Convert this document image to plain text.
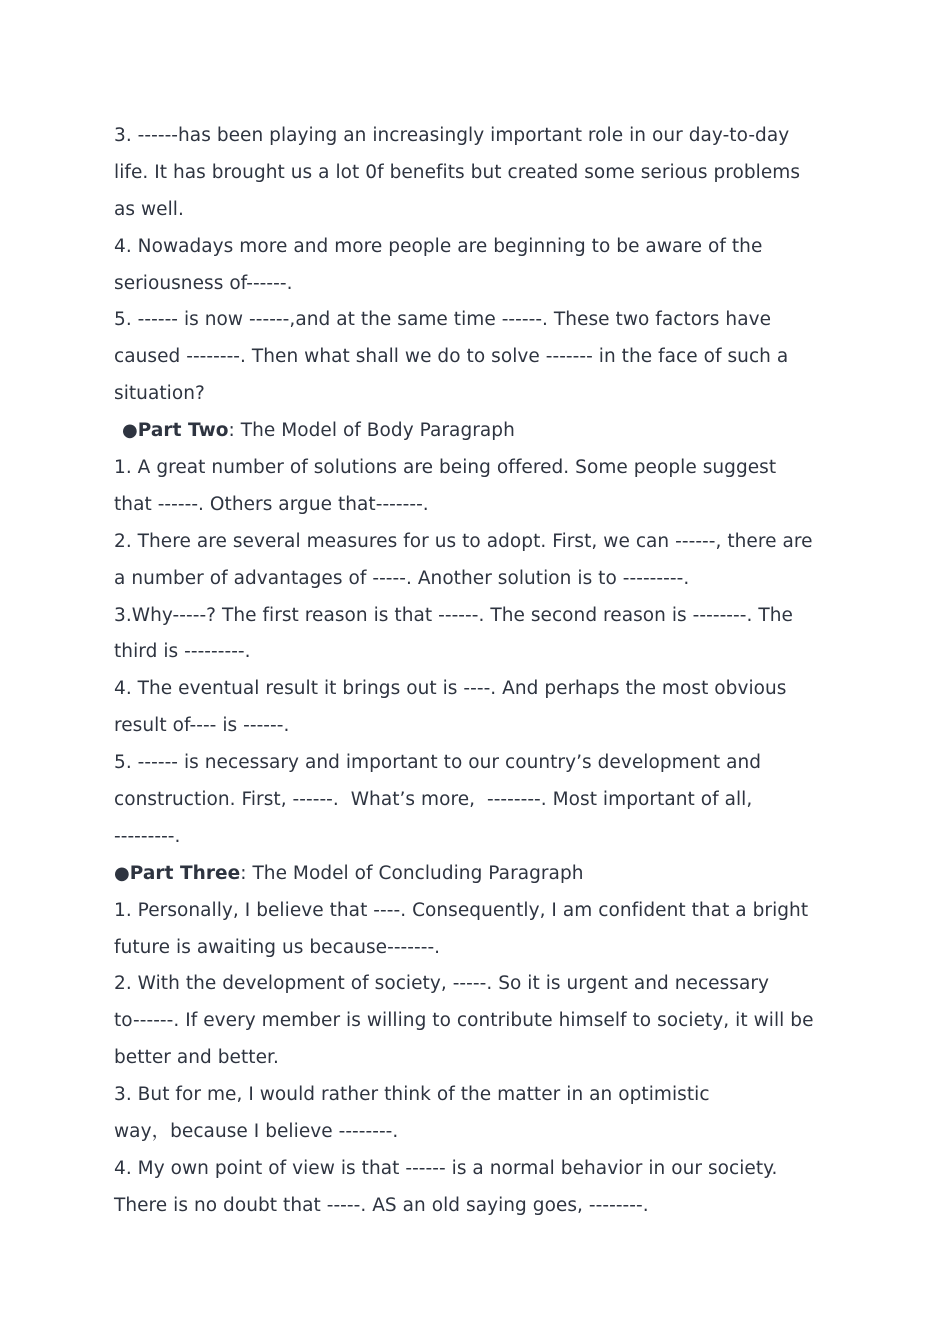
3. ------has been playing an increasingly important role in our day-to-day
life. It has brought us a lot 0f benefits but created some serious problems
as well.
4. Nowadays more and more people are beginning to be aware of the
seriousness of------.
5. ------ is now ------,and at the same time ------. These two factors have
caused --------. Then what shall we do to solve ------- in the face of such a
situation?
●Part Two: The Model of Body Paragraph
1. A great number of solutions are being offered. Some people suggest
that ------. Others argue that-------.
2. There are several measures for us to adopt. First, we can ------, there are
a number of advantages of -----. Another solution is to ---------.
3.Why-----? The first reason is that ------. The second reason is --------. The
third is ---------.
4. The eventual result it brings out is ----. And perhaps the most obvious
result of---- is ------.
5. ------ is necessary and important to our country’s development and
construction. First, ------.  What’s more,  --------. Most important of all,
---------.
●Part Three: The Model of Concluding Paragraph
1. Personally, I believe that ----. Consequently, I am confident that a bright
future is awaiting us because-------.
2. With the development of society, -----. So it is urgent and necessary
to------. If every member is willing to contribute himself to society, it will be
better and better.
3. But for me, I would rather think of the matter in an optimistic
way，because I believe --------.
4. My own point of view is that ------ is a normal behavior in our society.
There is no doubt that -----. AS an old saying goes, --------.
